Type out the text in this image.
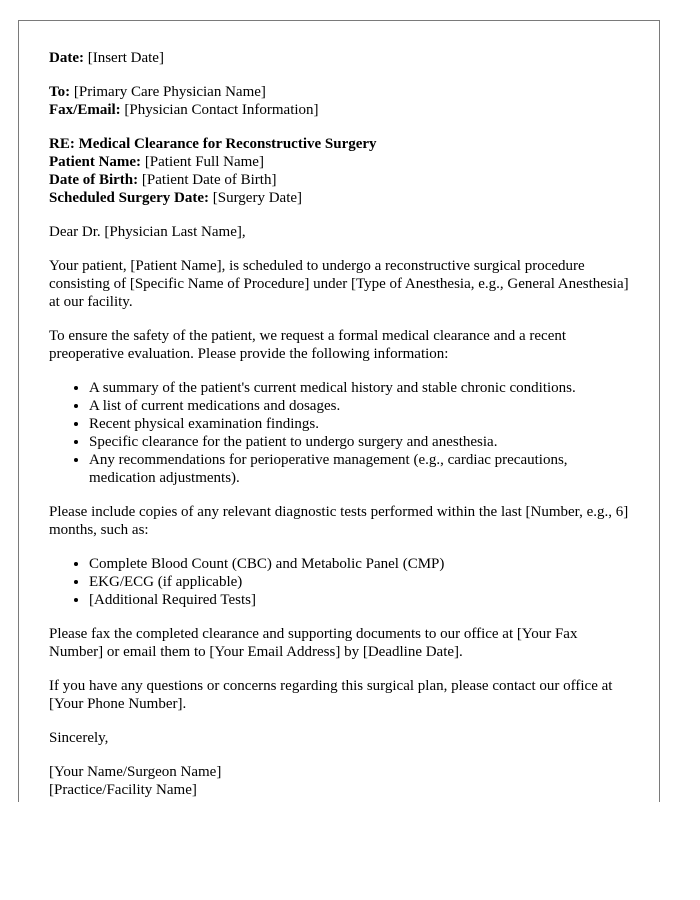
Date: [Insert Date]

To: [Primary Care Physician Name]
Fax/Email: [Physician Contact Information]

RE: Medical Clearance for Reconstructive Surgery
Patient Name: [Patient Full Name]
Date of Birth: [Patient Date of Birth]
Scheduled Surgery Date: [Surgery Date]

Dear Dr. [Physician Last Name],

Your patient, [Patient Name], is scheduled to undergo a reconstructive surgical procedure consisting of [Specific Name of Procedure] under [Type of Anesthesia, e.g., General Anesthesia] at our facility.

To ensure the safety of the patient, we request a formal medical clearance and a recent preoperative evaluation. Please provide the following information:

• A summary of the patient's current medical history and stable chronic conditions.
• A list of current medications and dosages.
• Recent physical examination findings.
• Specific clearance for the patient to undergo surgery and anesthesia.
• Any recommendations for perioperative management (e.g., cardiac precautions, medication adjustments).

Please include copies of any relevant diagnostic tests performed within the last [Number, e.g., 6] months, such as:

• Complete Blood Count (CBC) and Metabolic Panel (CMP)
• EKG/ECG (if applicable)
• [Additional Required Tests]

Please fax the completed clearance and supporting documents to our office at [Your Fax Number] or email them to [Your Email Address] by [Deadline Date].

If you have any questions or concerns regarding this surgical plan, please contact our office at [Your Phone Number].

Sincerely,

[Your Name/Surgeon Name]
[Practice/Facility Name]
